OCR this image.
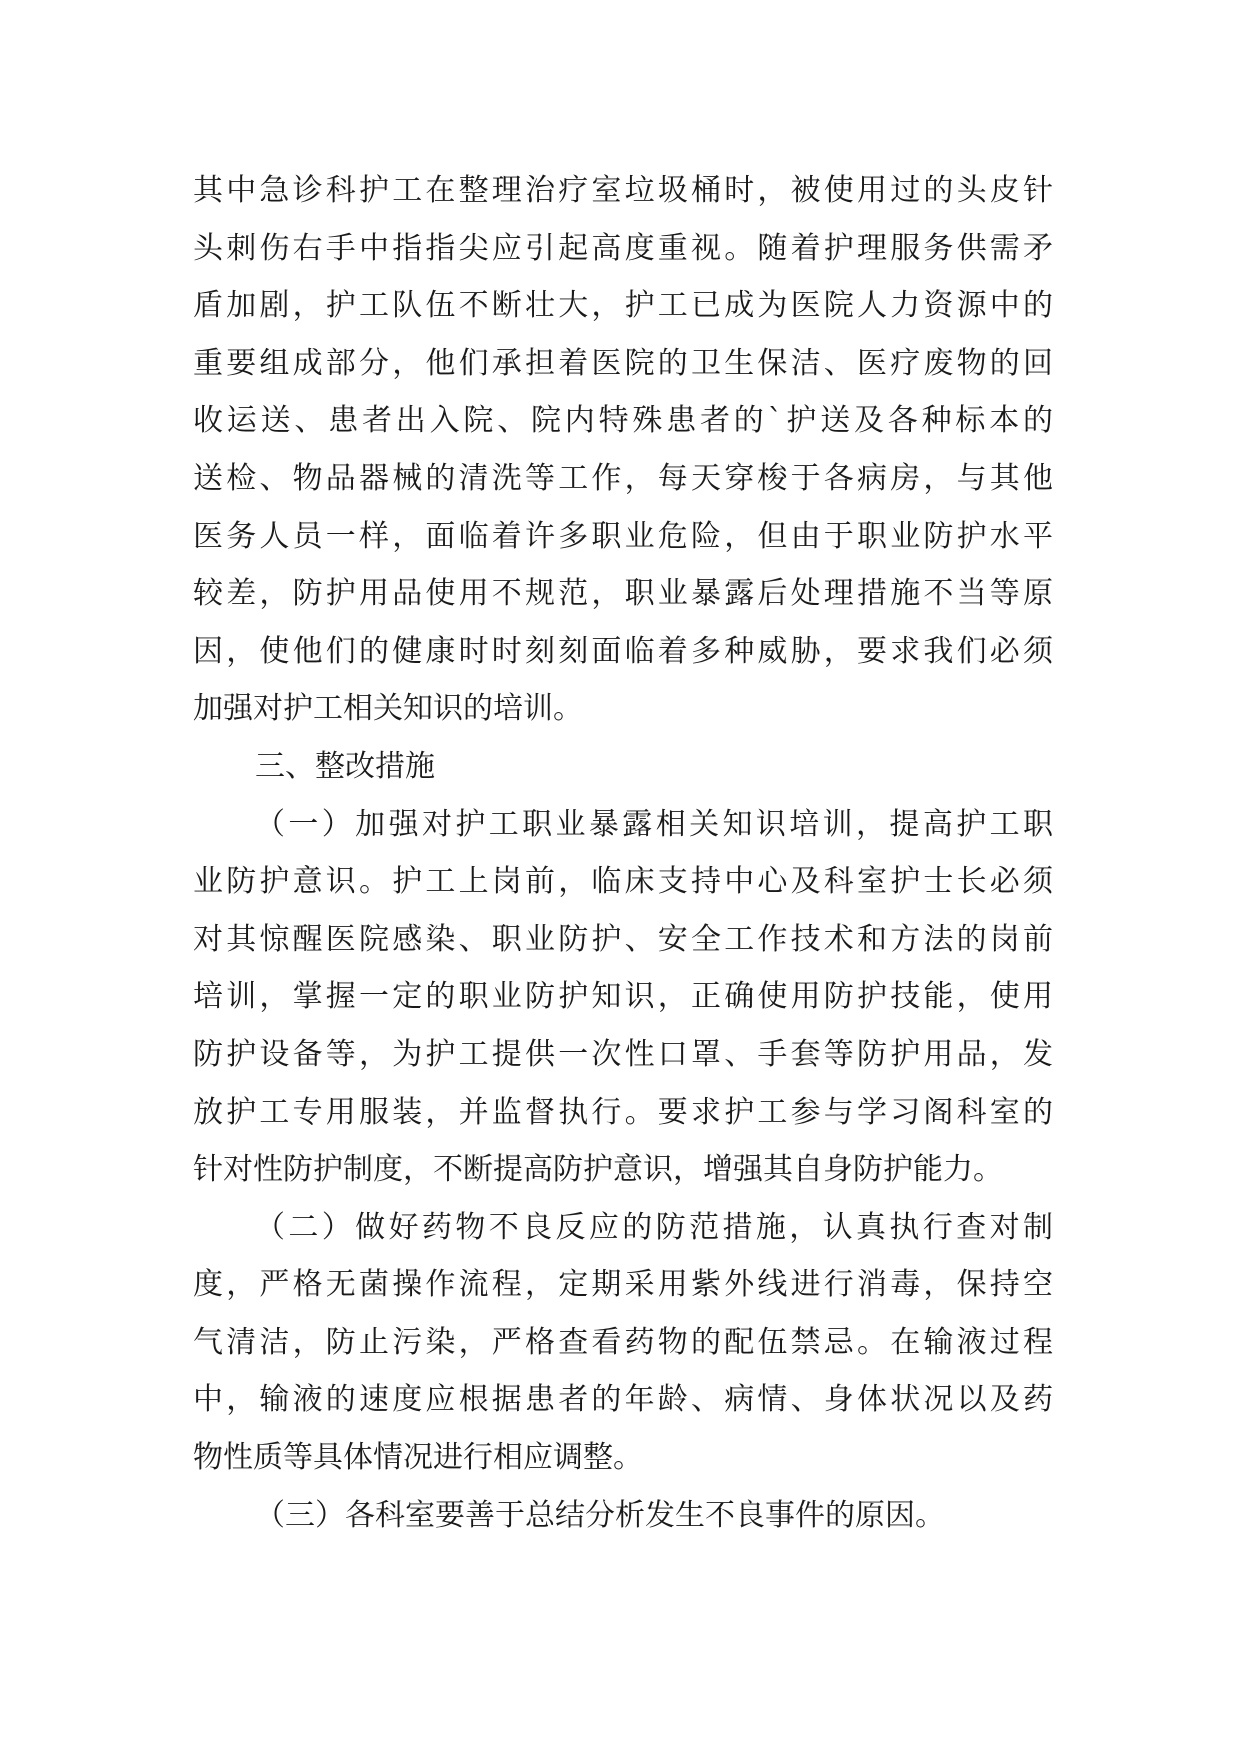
其中急诊科护工在整理治疗室垃圾桶时，被使用过的头皮针
头刺伤右手中指指尖应引起高度重视。随着护理服务供需矛
盾加剧，护工队伍不断壮大，护工已成为医院人力资源中的
重要组成部分，他们承担着医院的卫生保洁、医疗废物的回
收运送、患者出入院、院内特殊患者的`护送及各种标本的
送检、物品器械的清洗等工作，每天穿梭于各病房，与其他
医务人员一样，面临着许多职业危险，但由于职业防护水平
较差，防护用品使用不规范，职业暴露后处理措施不当等原
因，使他们的健康时时刻刻面临着多种威胁，要求我们必须
加强对护工相关知识的培训。
三、整改措施
（一）加强对护工职业暴露相关知识培训，提高护工职
业防护意识。护工上岗前，临床支持中心及科室护士长必须
对其惊醒医院感染、职业防护、安全工作技术和方法的岗前
培训，掌握一定的职业防护知识，正确使用防护技能，使用
防护设备等，为护工提供一次性口罩、手套等防护用品，发
放护工专用服装，并监督执行。要求护工参与学习阁科室的
针对性防护制度，不断提高防护意识，增强其自身防护能力。
（二）做好药物不良反应的防范措施，认真执行查对制
度，严格无菌操作流程，定期采用紫外线进行消毒，保持空
气清洁，防止污染，严格查看药物的配伍禁忌。在输液过程
中，输液的速度应根据患者的年龄、病情、身体状况以及药
物性质等具体情况进行相应调整。
（三）各科室要善于总结分析发生不良事件的原因。
